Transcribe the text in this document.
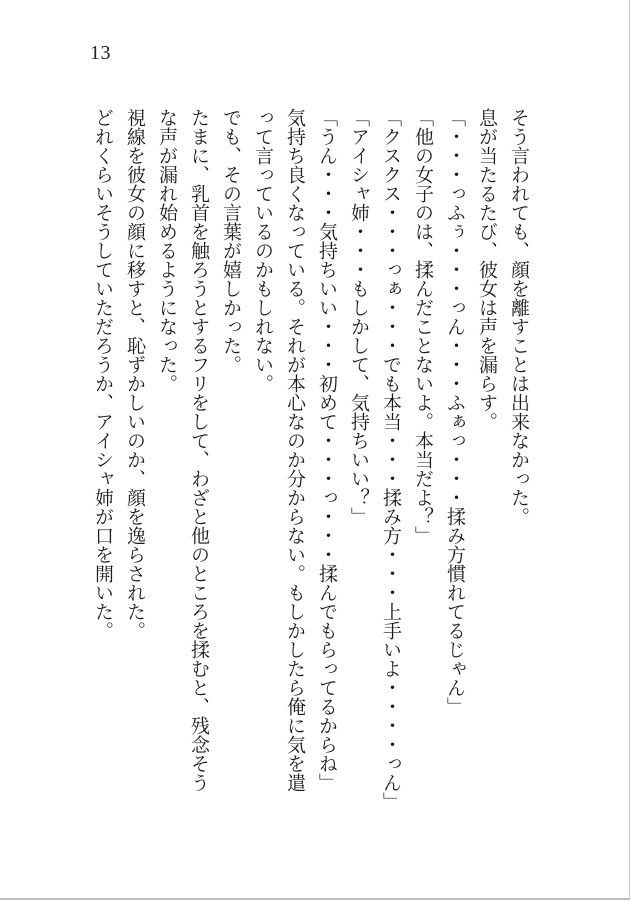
13

そう言われても、顔を離すことは出来なかった。

息が当たるたび、彼女は声を漏らす。

「・・・っふぅ・・・っん・・・ふぁっ・・・揉み方慣れてるじゃん」

「他の女子のは、揉んだことないよ。本当だよ？」

「クスクス・・・っぁ・・・でも本当・・・揉み方・・・上手いよ・・・・っん」

「アイシャ姉・・・もしかして、気持ちいい？」

「うん・・・気持ちいい・・・初めて・・・っ・・・揉んでもらってるからね」

気持ち良くなっている。それが本心なのか分からない。もしかしたら俺に気を遣

って言っているのかもしれない。

でも、その言葉が嬉しかった。

たまに、乳首を触ろうとするフリをして、わざと他のところを揉むと、残念そう

な声が漏れ始めるようになった。

視線を彼女の顔に移すと、恥ずかしいのか、顔を逸らされた。

どれくらいそうしていただろうか、アイシャ姉が口を開いた。
